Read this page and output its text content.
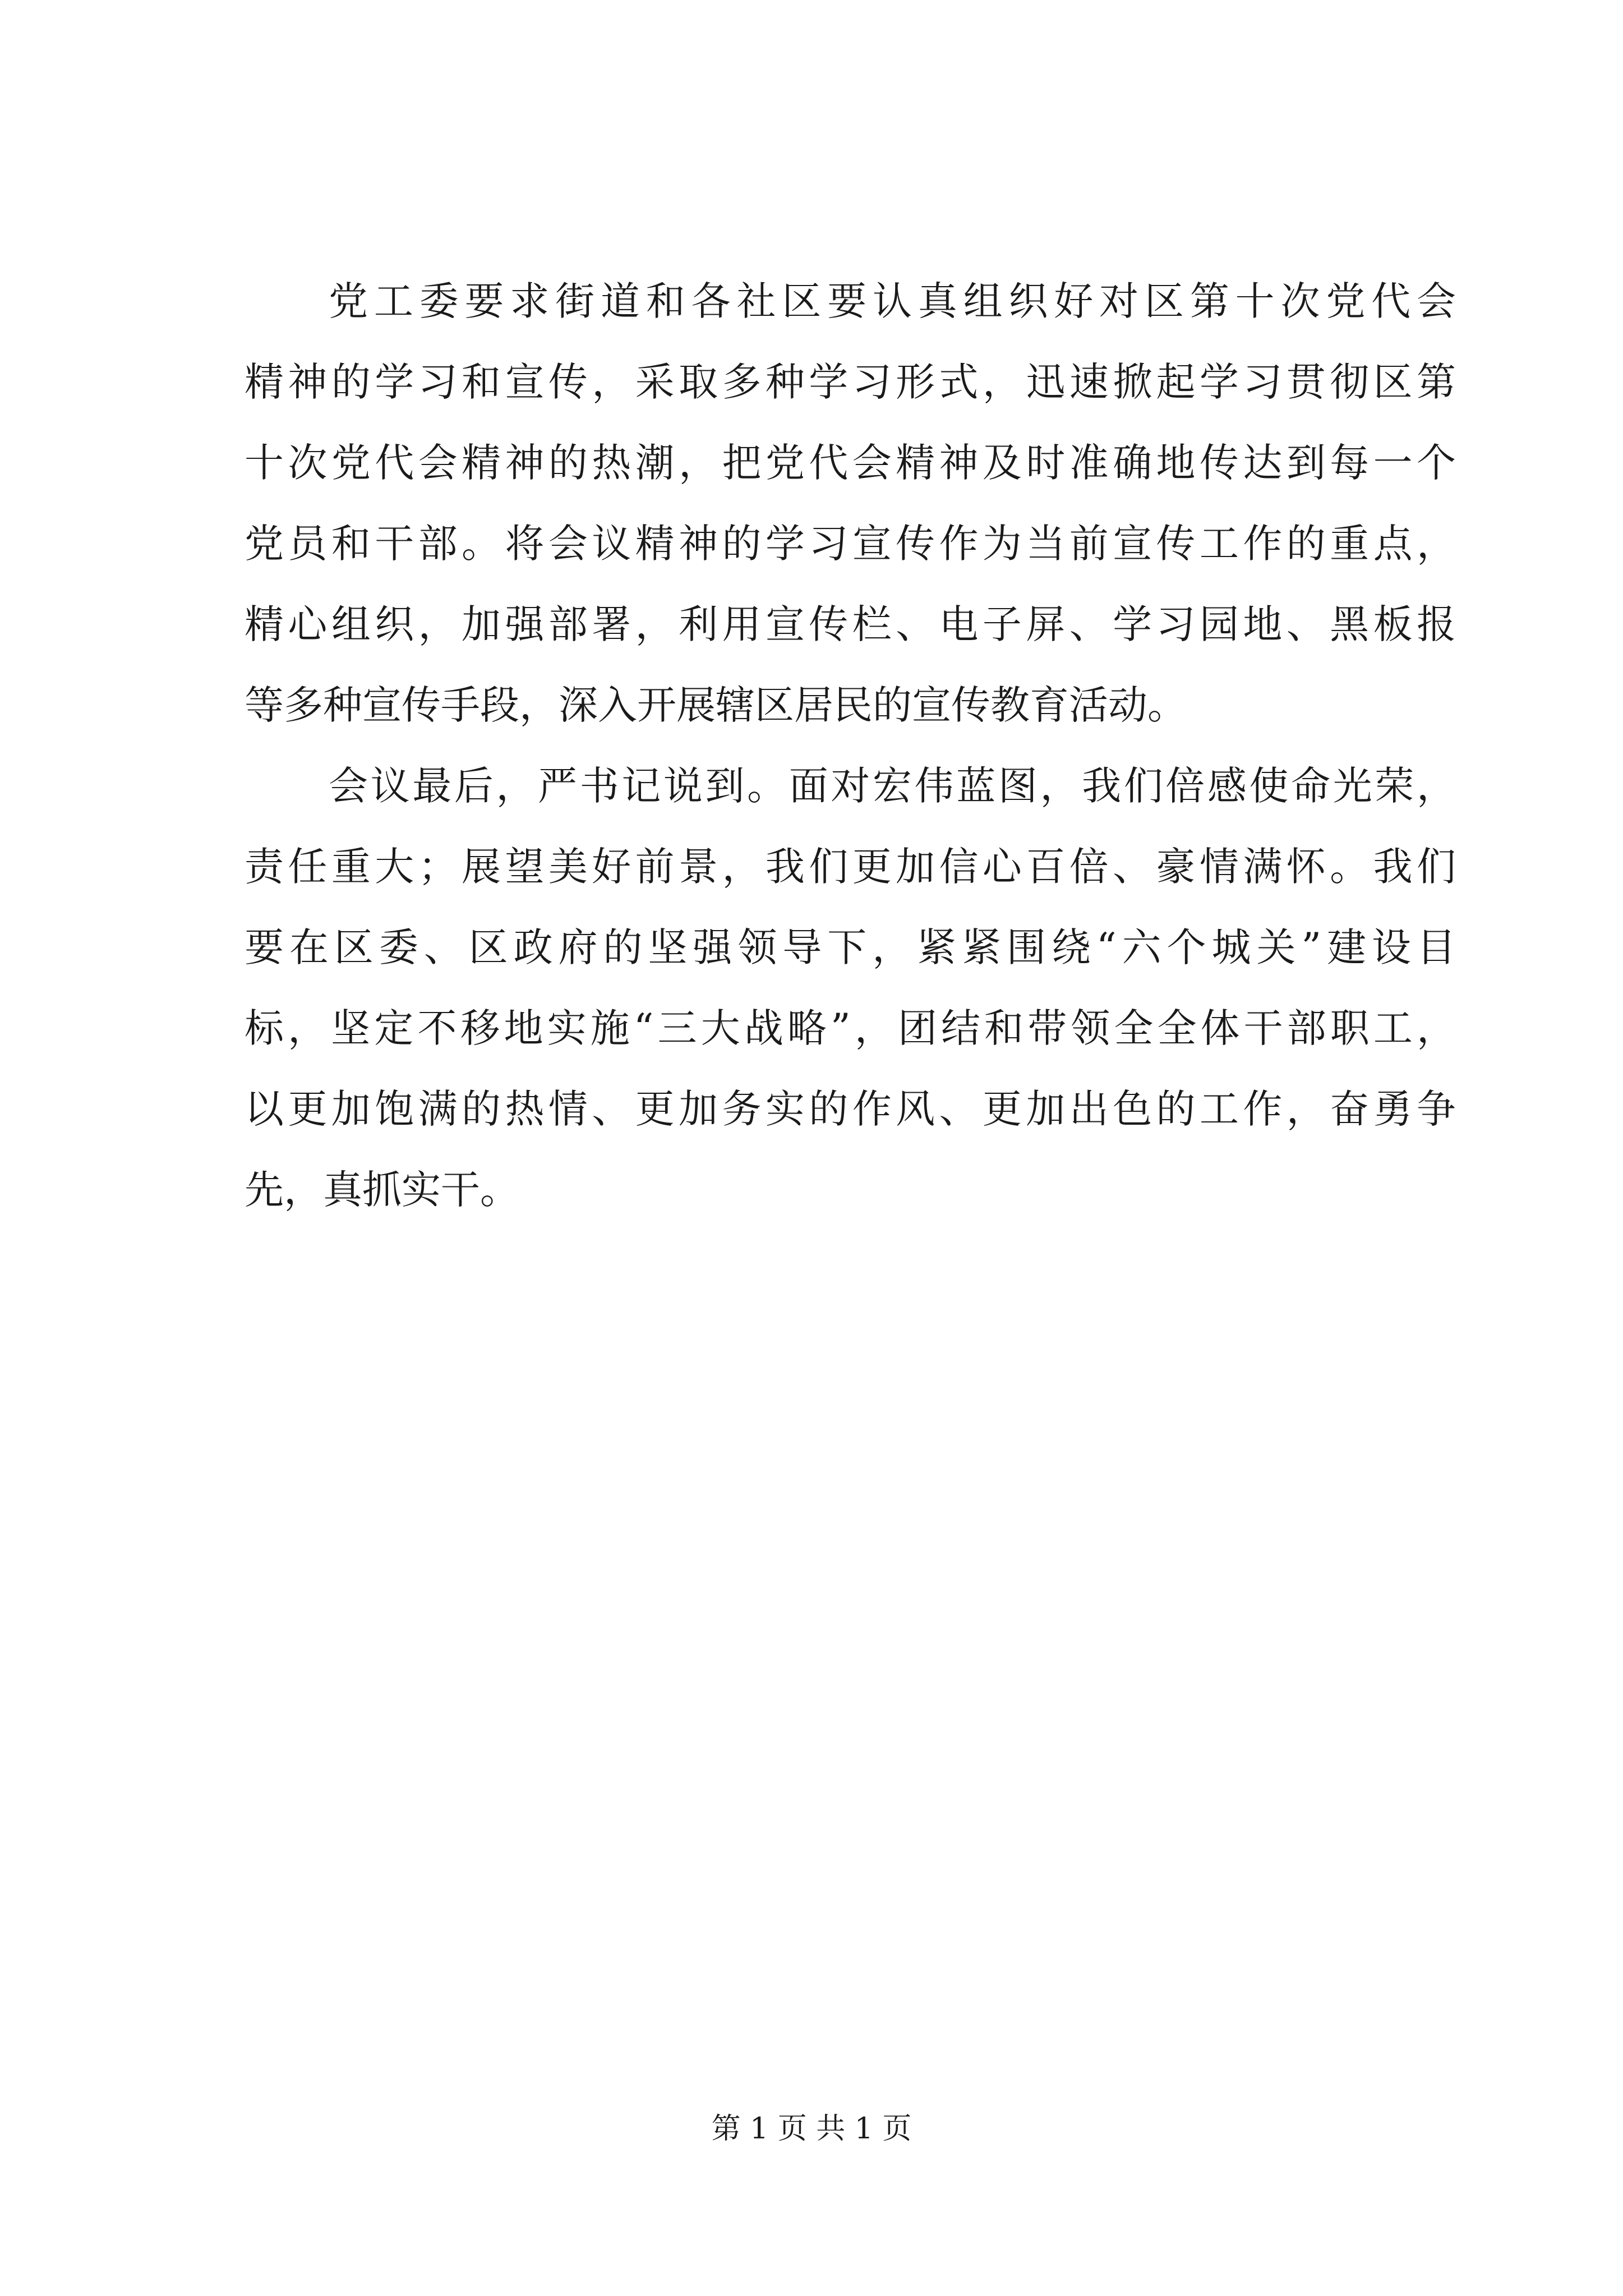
党工委要求街道和各社区要认真组织好对区第十次党代会
精神的学习和宣传，采取多种学习形式，迅速掀起学习贯彻区第
十次党代会精神的热潮，把党代会精神及时准确地传达到每一个
党员和干部。将会议精神的学习宣传作为当前宣传工作的重点，
精心组织，加强部署，利用宣传栏、电子屏、学习园地、黑板报
等多种宣传手段，深入开展辖区居民的宣传教育活动。
会议最后，严书记说到。面对宏伟蓝图，我们倍感使命光荣，
责任重大；展望美好前景，我们更加信心百倍、豪情满怀。我们
要在区委、区政府的坚强领导下，紧紧围绕“六个城关”建设目
标，坚定不移地实施“三大战略”，团结和带领全全体干部职工，
以更加饱满的热情、更加务实的作风、更加出色的工作，奋勇争
先，真抓实干。
第 1 页 共 1 页
